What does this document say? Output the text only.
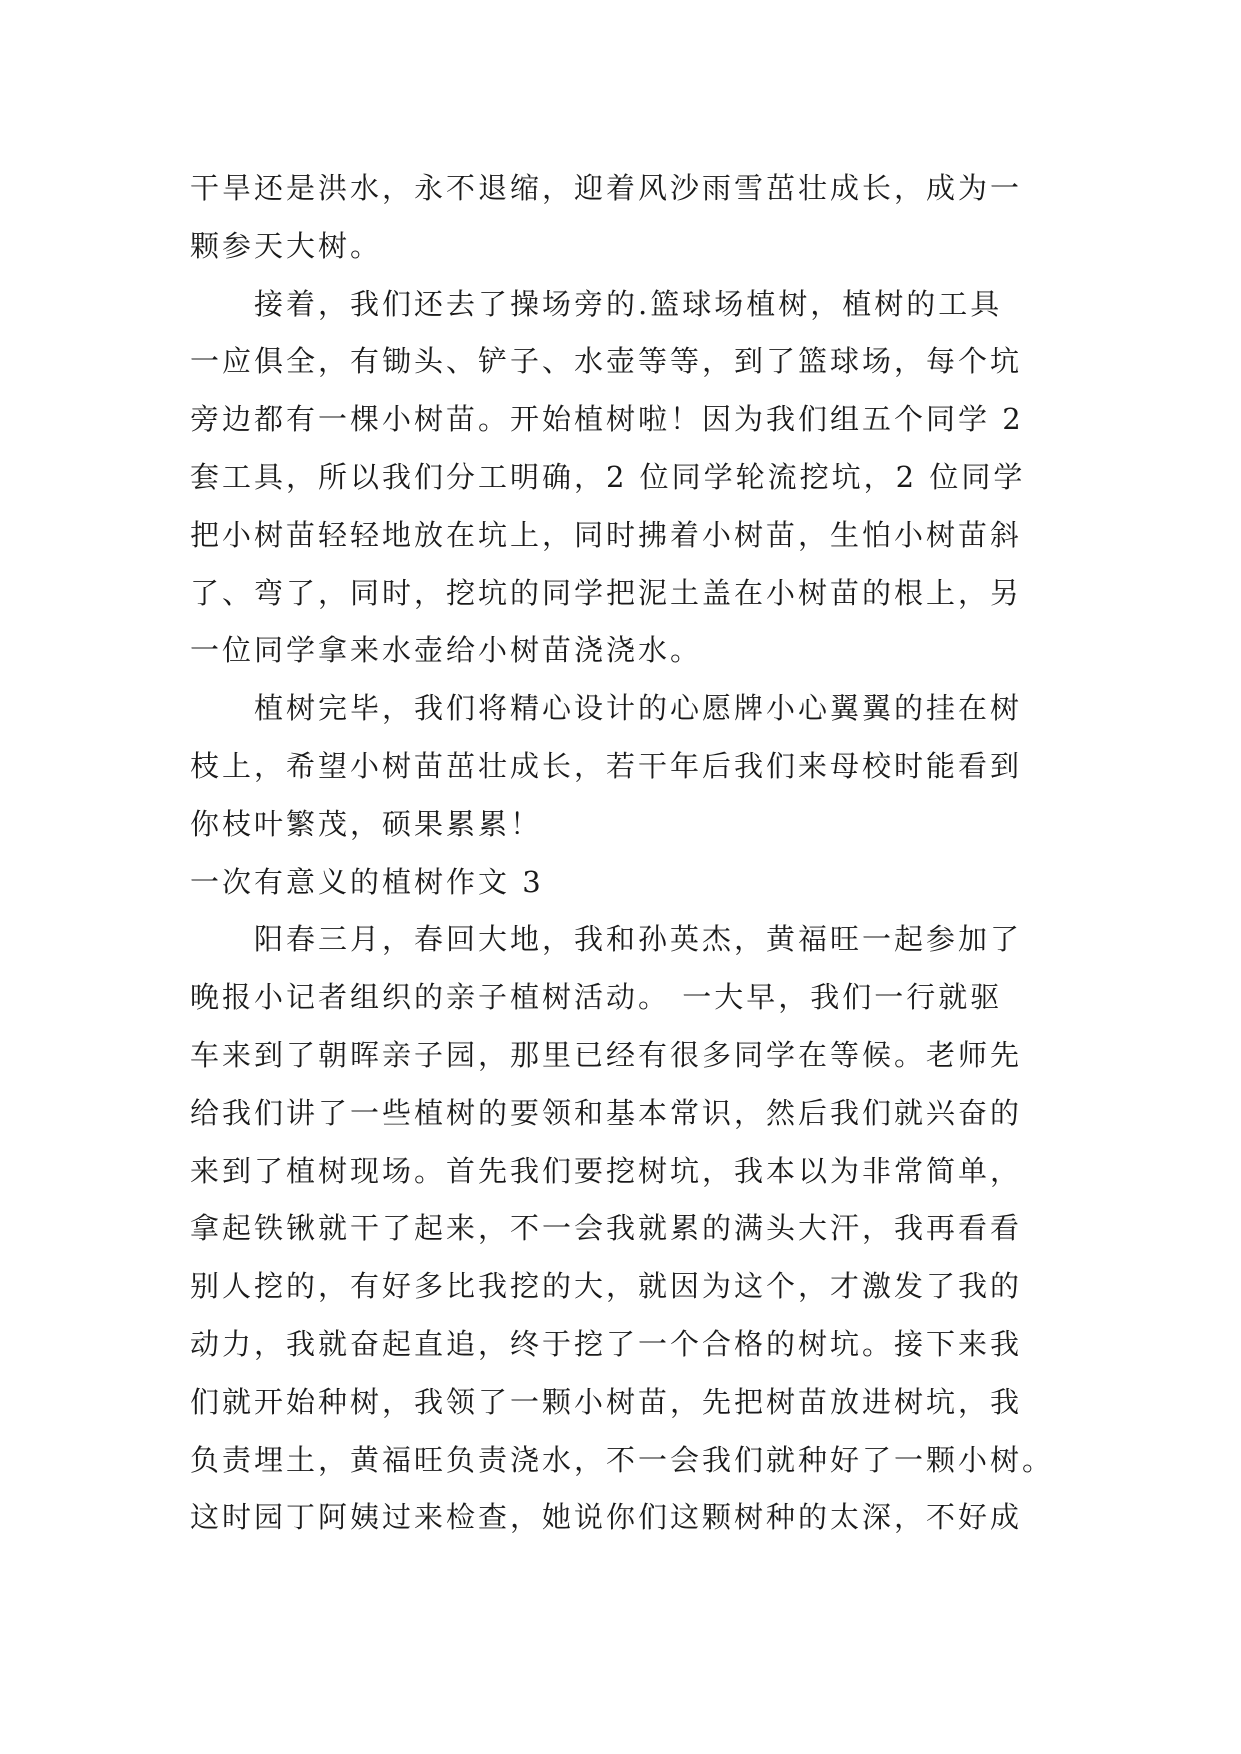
干旱还是洪水，永不退缩，迎着风沙雨雪茁壮成长，成为一
颗参天大树。
接着，我们还去了操场旁的.篮球场植树，植树的工具
一应俱全，有锄头、铲子、水壶等等，到了篮球场，每个坑
旁边都有一棵小树苗。开始植树啦！因为我们组五个同学 2
套工具，所以我们分工明确，2 位同学轮流挖坑，2 位同学
把小树苗轻轻地放在坑上，同时拂着小树苗，生怕小树苗斜
了、弯了，同时，挖坑的同学把泥土盖在小树苗的根上，另
一位同学拿来水壶给小树苗浇浇水。
植树完毕，我们将精心设计的心愿牌小心翼翼的挂在树
枝上，希望小树苗茁壮成长，若干年后我们来母校时能看到
你枝叶繁茂，硕果累累！
一次有意义的植树作文 3
阳春三月，春回大地，我和孙英杰，黄福旺一起参加了
晚报小记者组织的亲子植树活动。 一大早，我们一行就驱
车来到了朝晖亲子园，那里已经有很多同学在等候。老师先
给我们讲了一些植树的要领和基本常识，然后我们就兴奋的
来到了植树现场。首先我们要挖树坑，我本以为非常简单，
拿起铁锹就干了起来，不一会我就累的满头大汗，我再看看
别人挖的，有好多比我挖的大，就因为这个，才激发了我的
动力，我就奋起直追，终于挖了一个合格的树坑。接下来我
们就开始种树，我领了一颗小树苗，先把树苗放进树坑，我
负责埋土，黄福旺负责浇水，不一会我们就种好了一颗小树。
这时园丁阿姨过来检查，她说你们这颗树种的太深，不好成
